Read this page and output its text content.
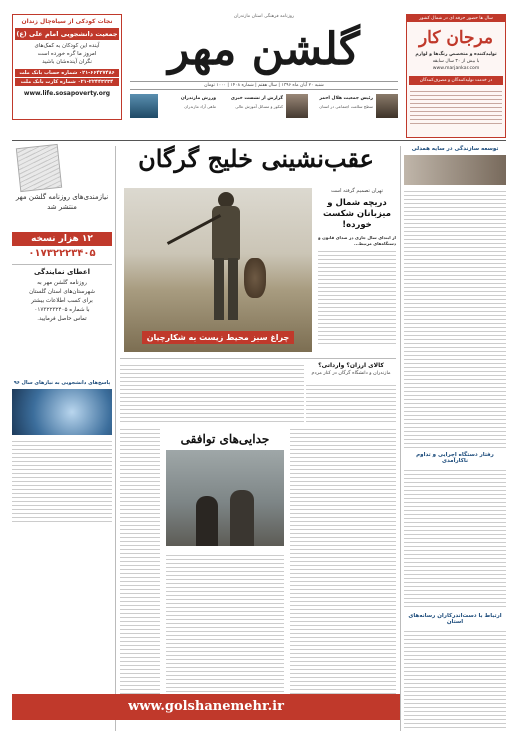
نجات کودکی از سیاه‌چال زندان
جمعیت دانشجویی امام علی (ع)
آینده این کودکان به کمک‌های
امروز ما گره خورده است
نگران آینده‌شان باشید
۰۲۱-۶۶۴۲۷۴۸۶ شماره حساب بانک ملت
۰۲۱-۲۲۴۴۳۲۳۴ شماره کارت بانک ملت
www.life.sosapoverty.org
روزنامه فرهنگی استان مازندران
گلشن مهر
شنبه ۲۰ آبان ماه ۱۳۹۶ | سال هفتم | شماره ۱۴۰۸ | ۱۰۰۰ تومان
رئیس جمعیت هلال احمر
سطح سلامت اجتماعی در استان
گزارش از نشست خبری
کنکور و مسائل آموزش عالی
ورزش مازندران
ماهی آزاد مازندران
سال ها حضور حرفه ای در شمال کشور
مرجان کار
تولیدکننده و متخصص رنگ‌ها و لوازم
با بیش از ۳۰ سال سابقه
www.marjankar.com
در خدمت تولیدکنندگان و مصرف‌کنندگان
عقب‌نشینی خلیج گرگان
نیازمندی‌های روزنامه گلشن مهر منتشر شد
۱۲ هزار نسخه
۰۱۷۳۲۲۲۳۴۰۵
اعطای نمایندگی
روزنامه گلشن مهر به
شهرستان‌های استان گلستان
برای کسب اطلاعات بیشتر
با شماره ۰۱۷۳۲۲۳۲۴۰۵
تماس حاصل فرمایید.
پاسخ‌های دانشجویی به نیازهای سال ۹۶
چراغ سبز محیط زیست به شکارچیان
تهران تصمیم گرفته است
دریچه شمال و میزبانان شکست خورده!
از ابتدای سال جاری در صدای قانون و دستگاه‌های مرتبط...
توسعه سازندگی در سایه همدلی
رفتار دستگاه اجرایی و تداوم ناکارآمدی
ارتباط با دست‌اندرکاران رسانه‌های استان
کالای ارزان؟ وارداتی؟
مازندران و دانشگاه گرگان در کنار مردم
جدایی‌های توافقی
www.golshanemehr.ir
